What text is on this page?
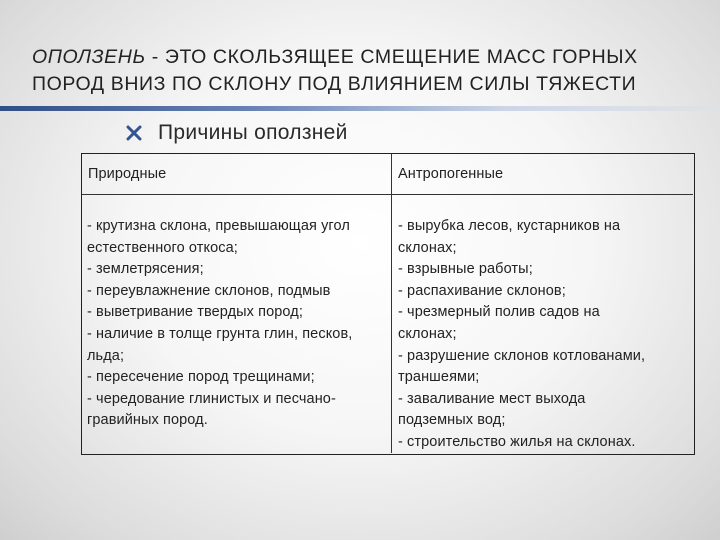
ОПОЛЗЕНЬ - ЭТО СКОЛЬЗЯЩЕЕ СМЕЩЕНИЕ МАСС ГОРНЫХ
ПОРОД ВНИЗ ПО СКЛОНУ ПОД ВЛИЯНИЕМ СИЛЫ ТЯЖЕСТИ
Причины оползней
Природные	Антропогенные
- крутизна склона, превышающая угол
естественного откоса;
- землетрясения;
- переувлажнение склонов, подмыв
- выветривание твердых пород;
- наличие в толще грунта глин, песков,
льда;
- пересечение пород трещинами;
- чередование глинистых и песчано-
гравийных пород.
- вырубка лесов, кустарников на
склонах;
- взрывные работы;
- распахивание склонов;
- чрезмерный полив садов на
склонах;
- разрушение склонов котлованами,
траншеями;
- заваливание мест выхода
подземных вод;
- строительство жилья на склонах.
